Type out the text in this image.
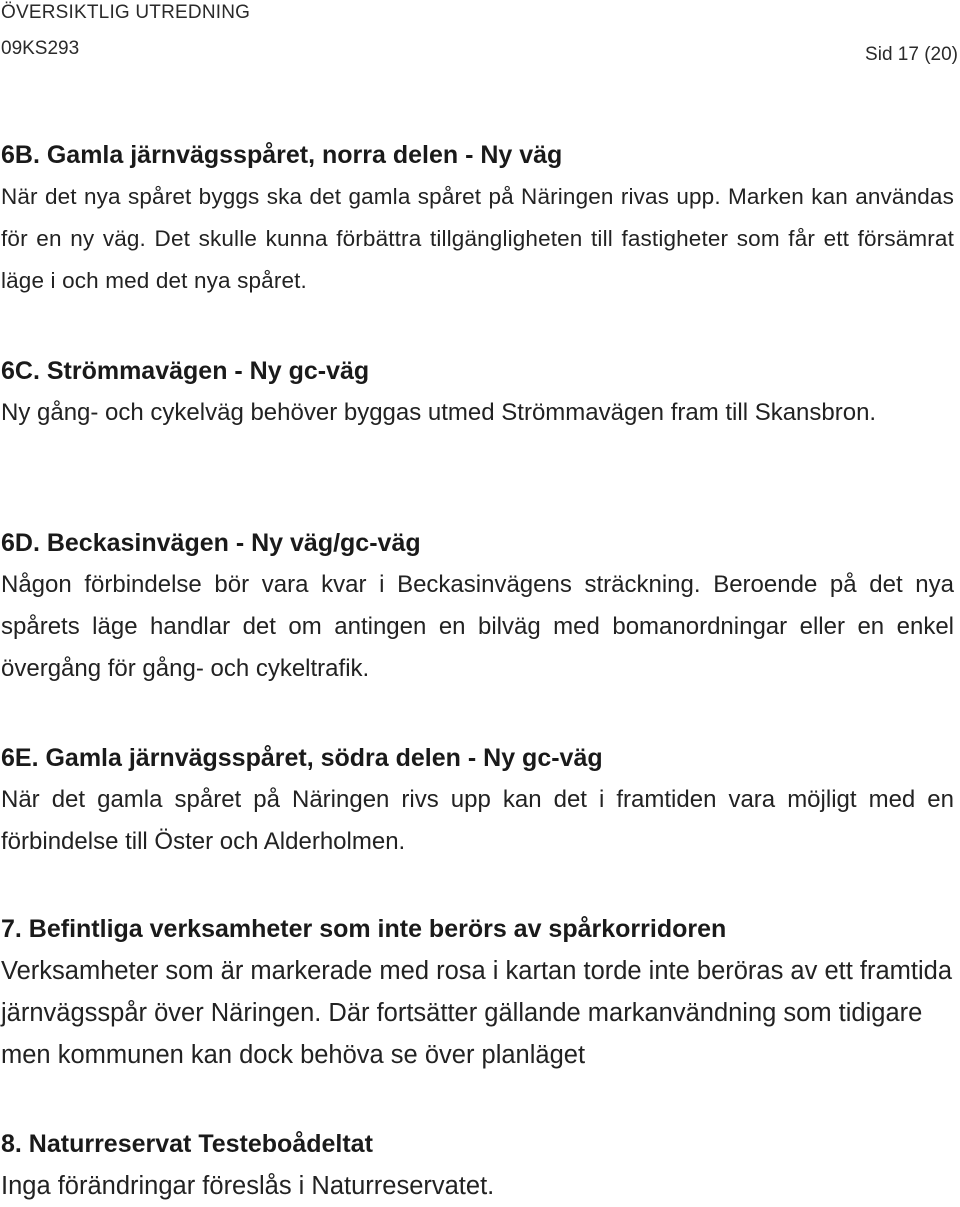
ÖVERSIKTLIG UTREDNING
09KS293	Sid 17 (20)
6B. Gamla järnvägsspåret, norra delen - Ny väg

När det nya spåret byggs ska det gamla spåret på Näringen rivas upp. Marken kan användas för en ny väg. Det skulle kunna förbättra tillgängligheten till fastigheter som får ett försämrat läge i och med det nya spåret.

6C. Strömmavägen - Ny gc-väg

Ny gång- och cykelväg behöver byggas utmed Strömmavägen fram till Skansbron.

6D. Beckasinvägen - Ny väg/gc-väg

Någon förbindelse bör vara kvar i Beckasinvägens sträckning. Beroende på det nya spårets läge handlar det om antingen en bilväg med bomanordningar eller en enkel övergång för gång- och cykeltrafik.

6E. Gamla järnvägsspåret, södra delen - Ny gc-väg

När det gamla spåret på Näringen rivs upp kan det i framtiden vara möjligt med en förbindelse till Öster och Alderholmen.

7. Befintliga verksamheter som inte berörs av spårkorridoren

Verksamheter som är markerade med rosa i kartan torde inte beröras av ett framtida järnvägsspår över Näringen. Där fortsätter gällande markanvändning som tidigare men kommunen kan dock behöva se över planläget

8. Naturreservat Testeboådeltat

Inga förändringar föreslås i Naturreservatet.
